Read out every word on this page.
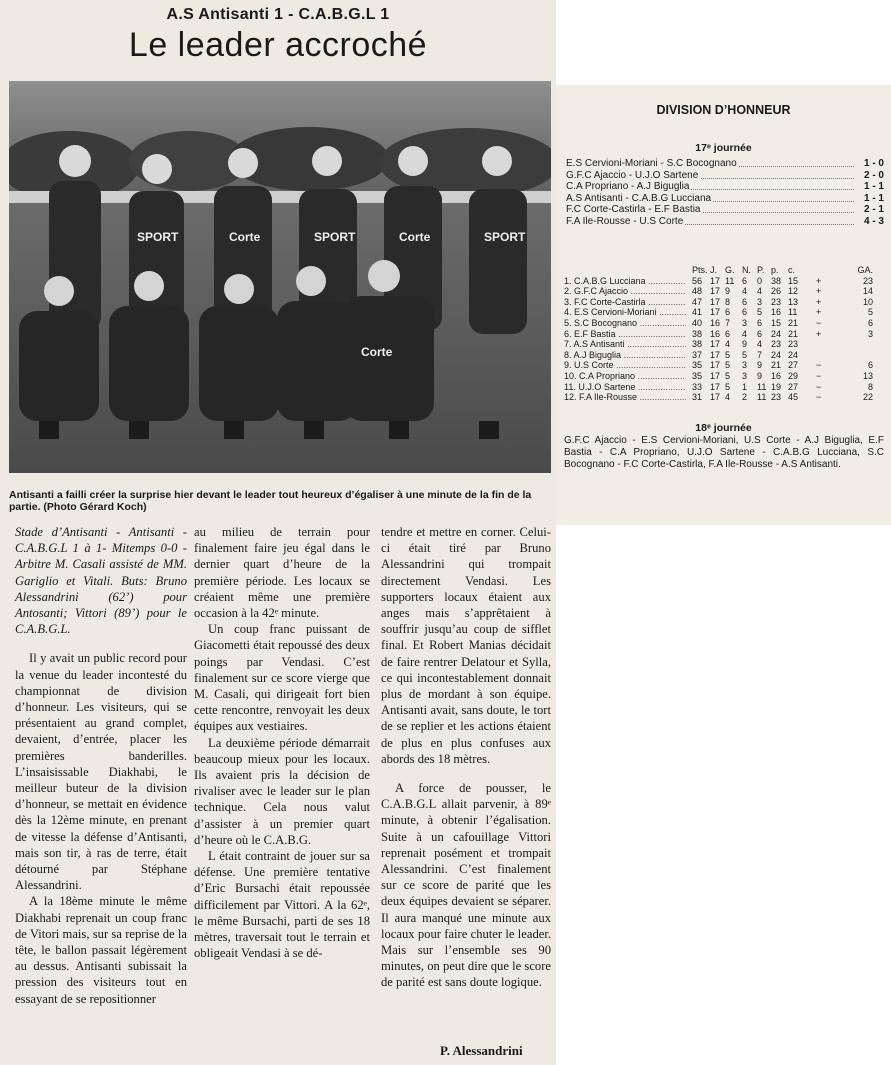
A.S Antisanti 1 - C.A.B.G.L 1
Le leader accroché
SPORT	Corte	SPORT	Corte	SPORT
Corte
Antisanti a failli créer la surprise hier devant le leader tout heureux d’égaliser à une minute de la fin de la partie. (Photo Gérard Koch)

Stade d’Antisanti - Antisanti - C.A.B.G.L 1 à 1- Mitemps 0-0 - Arbitre M. Casali assisté de MM. Gariglio et Vitali. Buts: Bruno Alessandrini (62’) pour Antosanti; Vittori (89’) pour le C.A.B.G.L.

Il y avait un public record pour la venue du leader incontesté du championnat de division d’honneur. Les visiteurs, qui se présentaient au grand complet, devaient, d’entrée, placer les premières banderilles. L’insaisissable Diakhabi, le meilleur buteur de la division d’honneur, se mettait en évidence dès la 12ème minute, en prenant de vitesse la défense d’Antisanti, mais son tir, à ras de terre, était détourné par Stéphane Alessandrini.

A la 18ème minute le même Diakhabi reprenait un coup franc de Vitori mais, sur sa reprise de la tête, le ballon passait légèrement au dessus. Antisanti subissait la pression des visiteurs tout en essayant de se repositionner

au milieu de terrain pour finalement faire jeu égal dans le dernier quart d’heure de la première période. Les locaux se créaient même une première occasion à la 42ᵉ minute.

Un coup franc puissant de Giacometti était repoussé des deux poings par Vendasi. C’est finalement sur ce score vierge que M. Casali, qui dirigeait fort bien cette rencontre, renvoyait les deux équipes aux vestiaires.

La deuxième période démarrait beaucoup mieux pour les locaux. Ils avaient pris la décision de rivaliser avec le leader sur le plan technique. Cela nous valut d’assister à un premier quart d’heure où le C.A.B.G.

L était contraint de jouer sur sa défense. Une première tentative d’Eric Bursachi était repoussée difficilement par Vittori. A la 62ᵉ, le même Bursachi, parti de ses 18 mètres, traversait tout le terrain et obligeait Vendasi à se dé-

tendre et mettre en corner. Celui-ci était tiré par Bruno Alessandrini qui trompait directement Vendasi. Les supporters locaux étaient aux anges mais s’apprêtaient à souffrir jusqu’au coup de sifflet final. Et Robert Manias décidait de faire rentrer Delatour et Sylla, ce qui incontestablement donnait plus de mordant à son équipe. Antisanti avait, sans doute, le tort de se replier et les actions étaient de plus en plus confuses aux abords des 18 mètres.

A force de pousser, le C.A.B.G.L allait parvenir, à 89ᵉ minute, à obtenir l’égalisation. Suite à un cafouillage Vittori reprenait posément et trompait Alessandrini. C’est finalement sur ce score de parité que les deux équipes devaient se séparer. Il aura manqué une minute aux locaux pour faire chuter le leader. Mais sur l’ensemble ses 90 minutes, on peut dire que le score de parité est sans doute logique.

P. Alessandrini
DIVISION D’HONNEUR
17ᵉ journée
E.S Cervioni-Moriani - S.C Bocognano	1 - 0
G.F.C Ajaccio - U.J.O Sartene	2 - 0
C.A Propriano - A.J Biguglia	1 - 1
A.S Antisanti - C.A.B.G Lucciana	1 - 1
F.C Corte-Castirla - E.F Bastia	2 - 1
F.A Ile-Rousse - U.S Corte	4 - 3
Pts. J. G. N. P. p. c.	GA.
1. C.A.B.G Lucciana .....	56 17 11 6 0 38 15 +	23
2. G.F.C Ajaccio .....	48 17 9 4 4 26 12 +	14
3. F.C Corte-Castirla .....	47 17 8 6 3 23 13 +	10
4. E.S Cervioni-Moriani .....	41 17 6 6 5 16 11 +	5
5. S.C Bocognano .....	40 16 7 3 6 15 21 −	6
6. E.F Bastia .....	38 16 6 4 6 24 21 +	3
7. A.S Antisanti .....	38 17 4 9 4 23 23
8. A.J Biguglia .....	37 17 5 5 7 24 24
9. U.S Corte .....	35 17 5 3 9 21 27 −	6
10. C.A Propriano .....	35 17 5 3 9 16 29 −	13
11. U.J.O Sartene .....	33 17 5 1 11 19 27 −	8
12. F.A Ile-Rousse .....	31 17 4 2 11 23 45 −	22
18ᵉ journée
G.F.C Ajaccio - E.S Cervioni-Moriani, U.S Corte - A.J Biguglia, E.F Bastia - C.A Propriano, U.J.O Sartene - C.A.B.G Lucciana, S.C Bocognano - F.C Corte-Castirla, F.A Ile-Rousse - A.S Antisanti.
